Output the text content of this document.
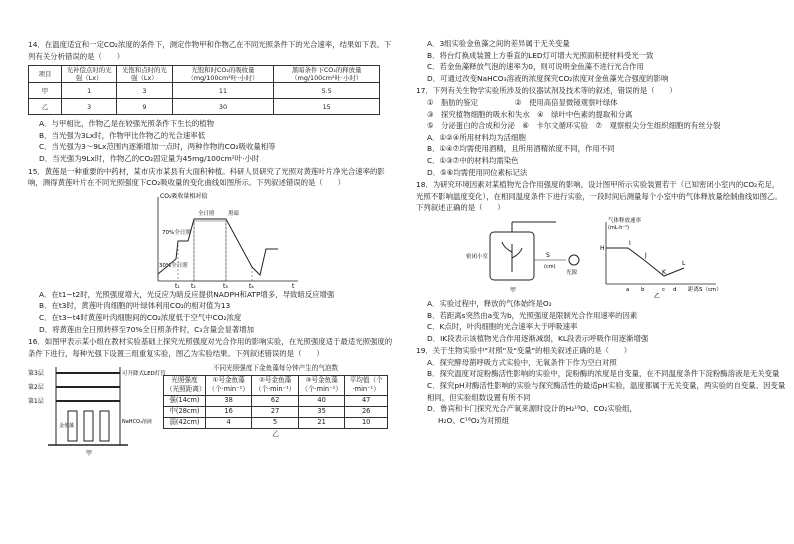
14．在温度适宜和一定CO₂浓度的条件下，测定作物甲和作物乙在不同光照条件下的光合速率，结果如下表。下列有关分析错误的是（　　）

项目	光补偿点时的光强（Lx）	光饱和点时的光强（Lx）	光饱和时CO₂的吸收量（mg/100cm²叶·小时）	黑暗条件下CO₂的释放量（mg/100cm²叶·小时）
甲	1	3	11	5.5
乙	3	9	30	15

A．与甲相比，作物乙是在较强光照条件下生长的植物

B．当光强为3Lx时，作物甲比作物乙的光合速率低

C．当光强为3～9Lx范围内逐渐增加一点时，两种作物的CO₂吸收量相等

D．当光强为9Lx时，作物乙的CO₂固定量为45mg/100cm²叶·小时

15．黄莲是一种重要的中药材，某市庆市某县有大面积种植。科研人员研究了光照对黄莲叶片净光合速率的影响，测得黄莲叶片在不同光照强度下CO₂吸收量的变化曲线如图所示。下列叙述错误的是（　　）

CO₂吸收量相对值
70%全日照
全日照 黑暗
30%全日照
t₁ t₂	t₃	t₄	t

A．在t1~t2时，光照强度增大，光反应为暗反应提供NADPH和ATP增多，导致暗反应增强

B．在t3时，黄莲叶肉细胞的叶绿体利用CO₂的相对值为13

C．在t3~t4时黄莲叶肉细胞间的CO₂浓度低于空气中CO₂浓度

D．将黄莲由全日照转移至70%全日照条件时，C₃含量会显著增加

16．如图甲表示某小组在教材实验基础上探究光照强度对光合作用的影响实验，在光照强度适于最适光照强度的条件下进行，每种光强下设置三组重复实验，图乙为实验结果。下列叙述错误的是（　　）

第3层
第2层
第1层
可升降式LED灯管
金鱼藻
NaHCO₃溶液
甲
不同光照强度下金鱼藻每分钟产生的气泡数
光照强度（光照距离）	①号金鱼藻（个·min⁻¹）	②号金鱼藻（个·min⁻¹）	③号金鱼藻（个·min⁻¹）	平均值（个·min⁻¹）
强(14cm)	38	62	40	47
中(28cm)	16	27	35	26
弱(42cm)	4	5	21	10
乙

A．3组实验金鱼藻之间的差异属于无关变量

B．将台灯换成装置上方垂直的LED灯可增大光照面积使材料受光一致

C．若金鱼藻释放气泡的速率为0，则可说明金鱼藻不进行光合作用

D．可通过改变NaHCO₃溶液的浓度探究CO₂浓度对金鱼藻光合强度的影响

17．下列有关生物学实验所涉及的仪器试剂及技术等的叙述，错误的是（　　）

①　脂肪的鉴定　　　　　②　使用高倍显微镜观察叶绿体

③　探究植物细胞的吸水和失水　④　绿叶中色素的提取和分离

⑤　分泌蛋白的合成和分泌　⑥　卡尔文循环实验　⑦　观察根尖分生组织细胞的有丝分裂

A．①②④所用材料均为活细胞

B．①④⑦均需使用酒精，且所用酒精浓度不同，作用不同

C．①③⑦中的材料均需染色

D．⑤⑥均需使用同位素标记法

18．为研究环境因素对某植物光合作用强度的影响，设计图甲所示实验装置若干（已知密闭小室内的CO₂充足，光照不影响温度变化），在相同温度条件下进行实验，一段时间后测量每个小室中的气体释放量绘制曲线如图乙。下列叙述正确的是（　　）

密闭小室	S
(cm)
光源
甲
气体释放速率
(mL·h⁻¹)
H
I
J
K
L
a b	c d 距离S（cm）
乙

A．实验过程中，释放的气体始终是O₂

B．若距离s突然由a变为b，光照强度是限制光合作用速率的因素

C．K点时，叶肉细胞的光合速率大于呼吸速率

D．IK段表示该植物光合作用逐渐减弱，KL段表示呼吸作用逐渐增强

19．关于生物实验中"对照"及"变量"的相关叙述正确的是（　　）

A．探究酵母菌呼吸方式实验中，无氧条件下作为空白对照

B．探究温度对淀粉酶活性影响的实验中，淀粉酶的浓度是自变量，在不同温度条件下淀粉酶溶液是无关变量

C．探究pH对酶活性影响的实验与探究酶活性的最适pH实验，温度都属于无关变量，两实验的自变量、因变量相同，但实验组数设置有所不同

D．鲁宾和卡门探究光合产氧来源时设计的H₂¹⁸O、CO₂实验组，

H₂O、C¹⁸O₂为对照组
